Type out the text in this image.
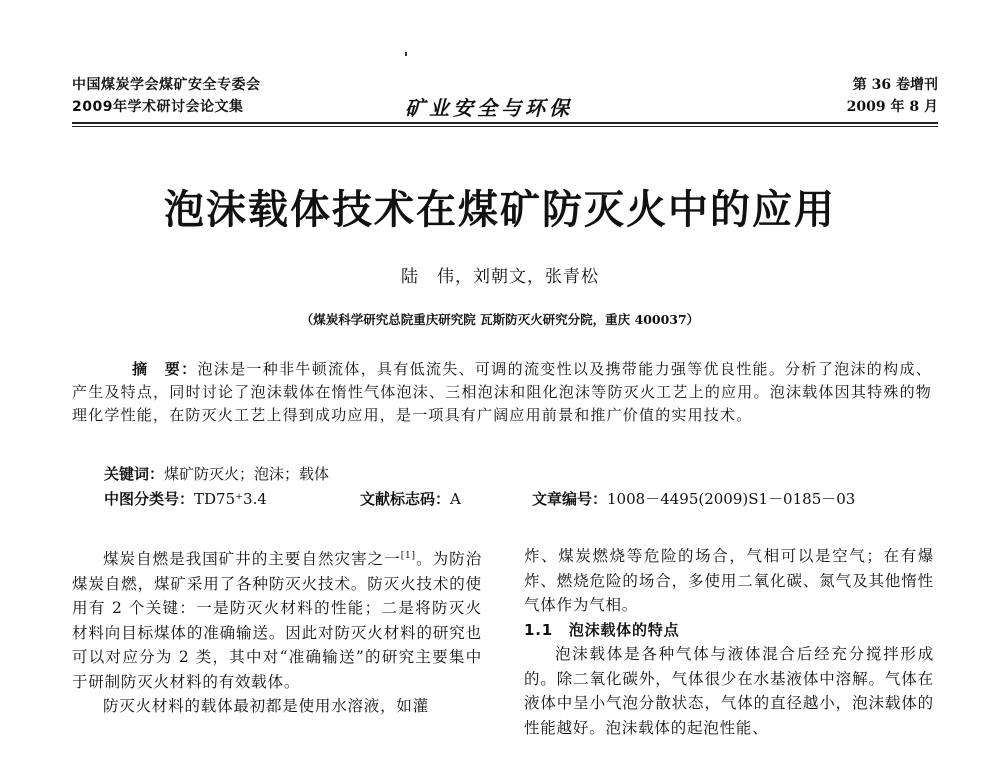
中国煤炭学会煤矿安全专委会
2009年学术研讨会论文集	矿业安全与环保
第 36 卷增刊
2009 年 8 月
泡沫载体技术在煤矿防灭火中的应用
陆　伟，刘朝文，张青松
（煤炭科学研究总院重庆研究院 瓦斯防灭火研究分院，重庆 400037）
摘　要：泡沫是一种非牛顿流体，具有低流失、可调的流变性以及携带能力强等优良性能。分析了泡沫的构成、产生及特点，同时讨论了泡沫载体在惰性气体泡沫、三相泡沫和阻化泡沫等防灭火工艺上的应用。泡沫载体因其特殊的物理化学性能，在防灭火工艺上得到成功应用，是一项具有广阔应用前景和推广价值的实用技术。
关键词：煤矿防灭火；泡沫；载体
中图分类号：TD75⁺3.4	文献标志码：A	文章编号：1008－4495(2009)S1－0185－03

煤炭自燃是我国矿井的主要自然灾害之一[1]。为防治煤炭自燃，煤矿采用了各种防灭火技术。防灭火技术的使用有 2 个关键：一是防灭火材料的性能；二是将防灭火材料向目标煤体的准确输送。因此对防灭火材料的研究也可以对应分为 2 类，其中对“准确输送”的研究主要集中于研制防灭火材料的有效载体。

防灭火材料的载体最初都是使用水溶液，如灌

炸、煤炭燃烧等危险的场合，气相可以是空气；在有爆炸、燃烧危险的场合，多使用二氧化碳、氮气及其他惰性气体作为气相。

1.1　泡沫载体的特点

泡沫载体是各种气体与液体混合后经充分搅拌形成的。除二氧化碳外，气体很少在水基液体中溶解。气体在液体中呈小气泡分散状态，气体的直径越小，泡沫载体的性能越好。泡沫载体的起泡性能、
